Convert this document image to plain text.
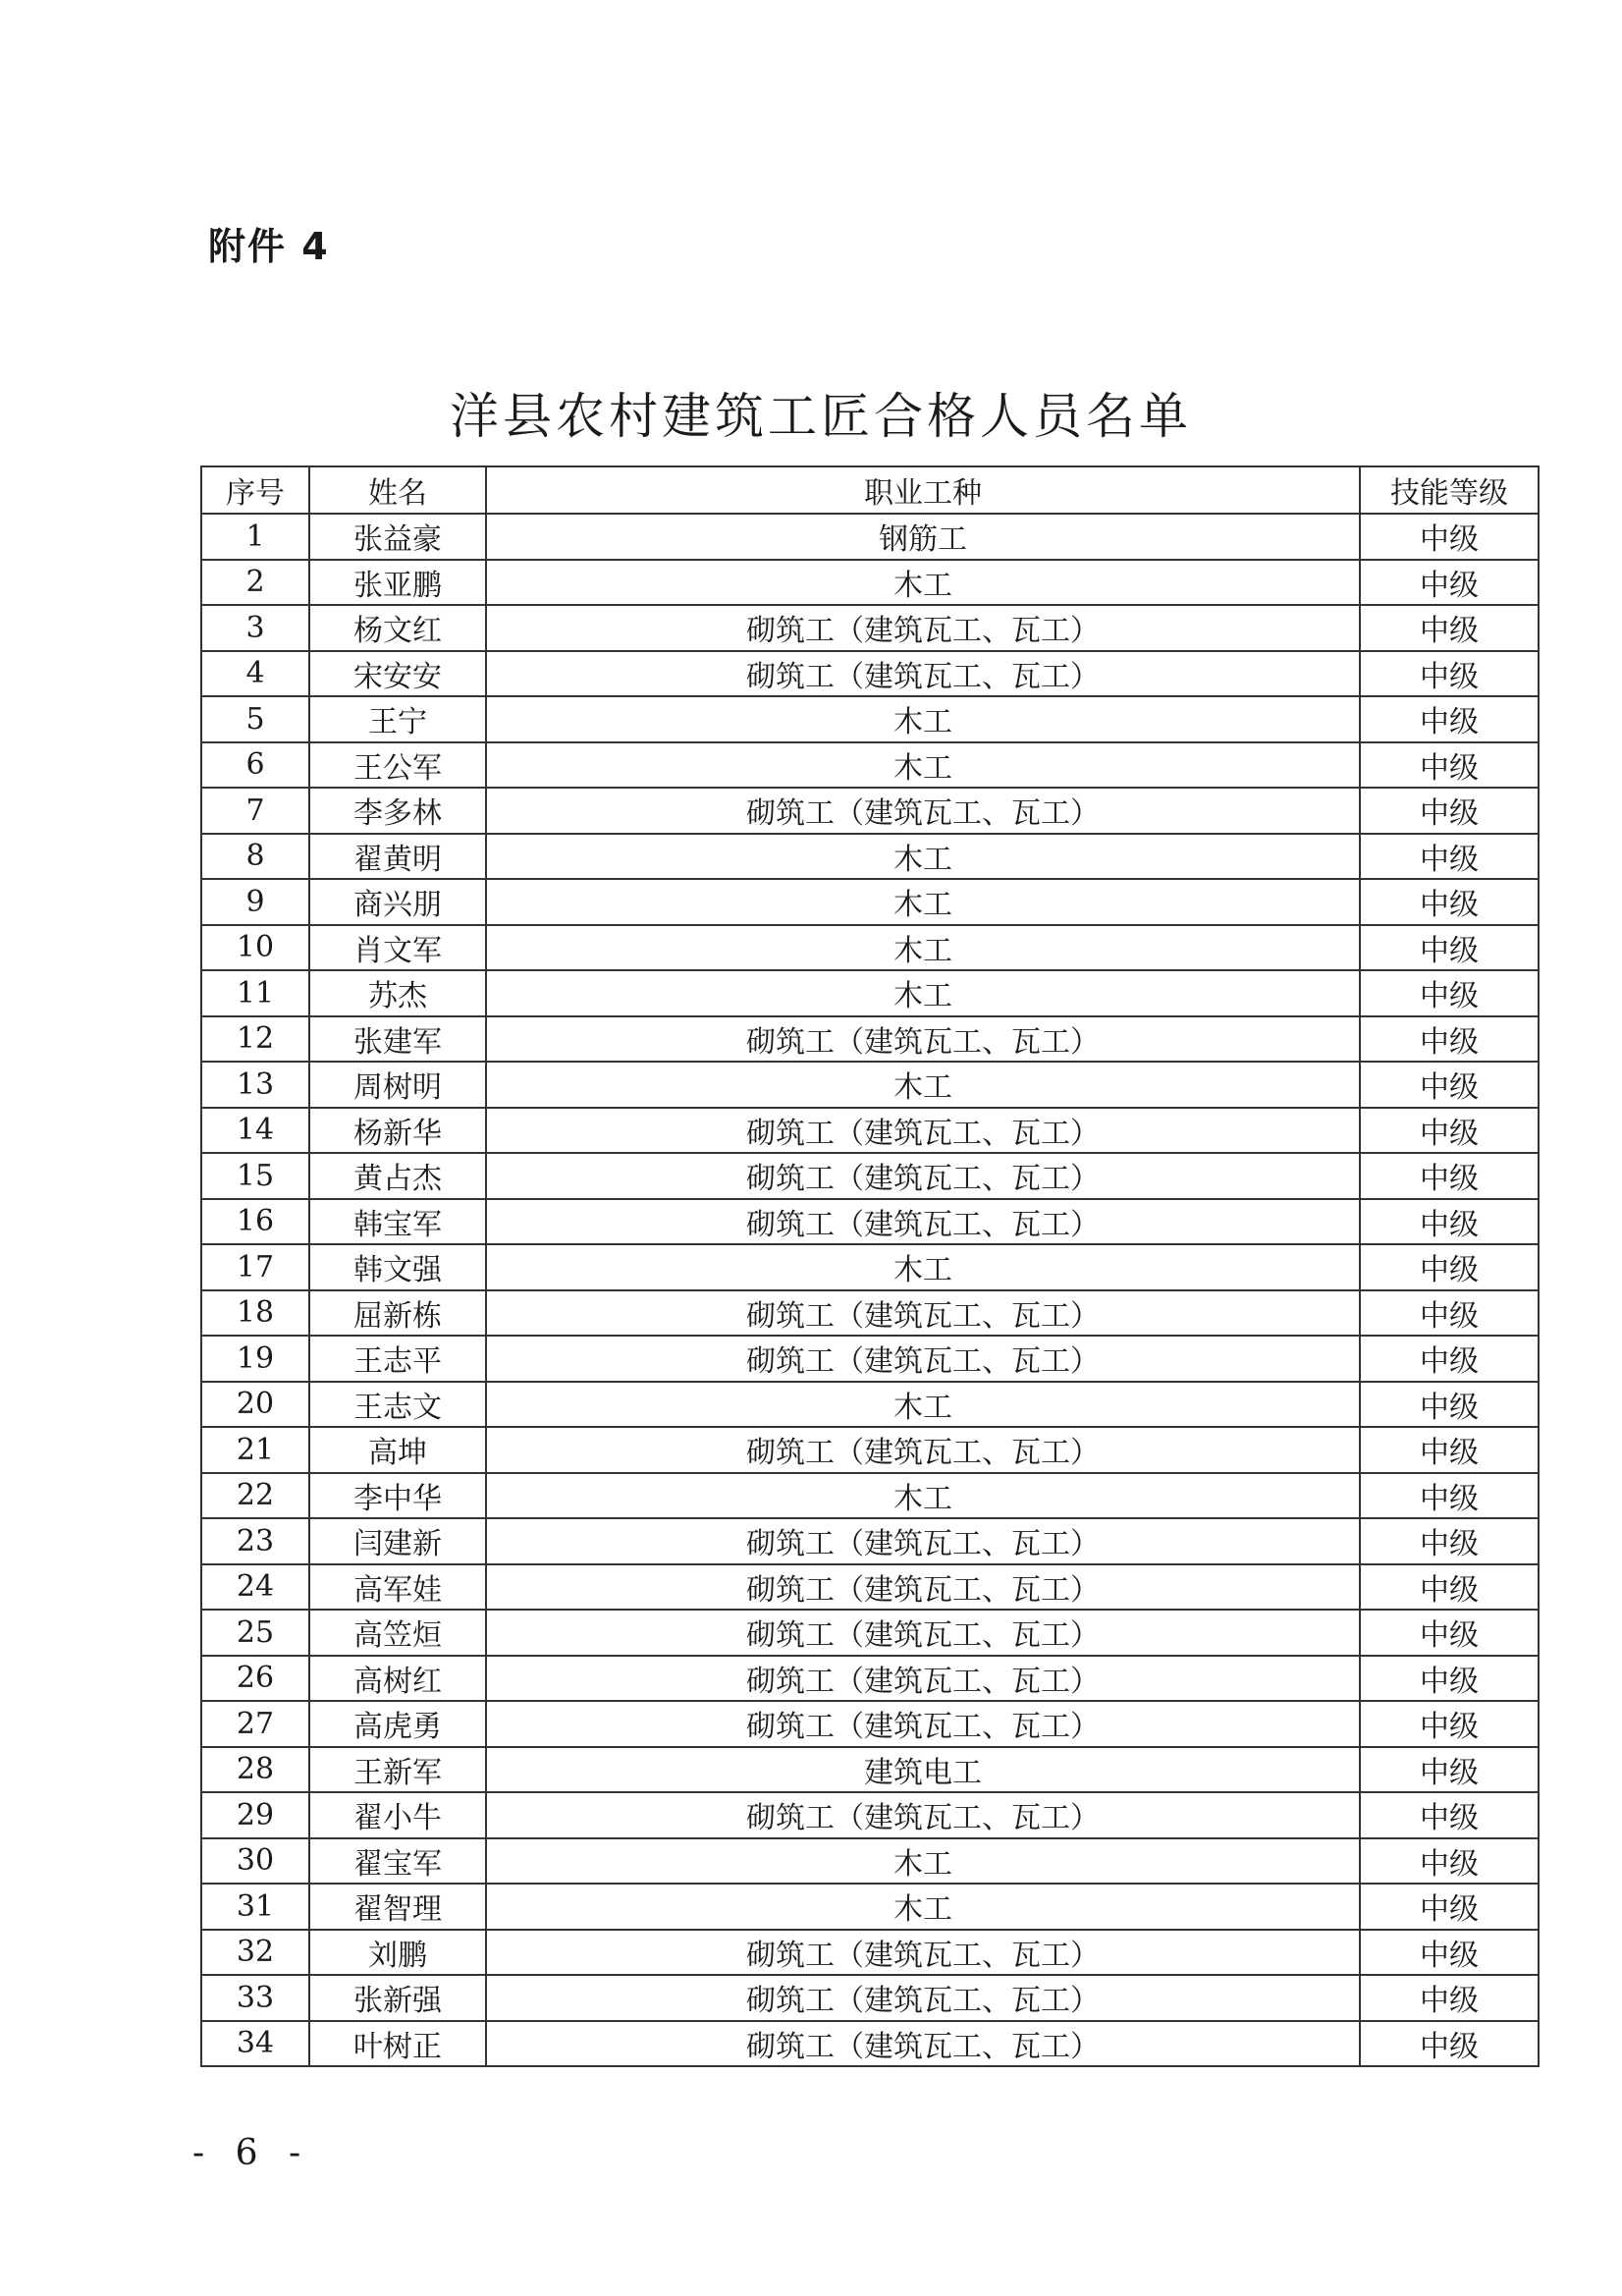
附件 4
洋县农村建筑工匠合格人员名单
序号	姓名	职业工种	技能等级
1	张益豪	钢筋工	中级
2	张亚鹏	木工	中级
3	杨文红	砌筑工（建筑瓦工、瓦工）	中级
4	宋安安	砌筑工（建筑瓦工、瓦工）	中级
5	王宁	木工	中级
6	王公军	木工	中级
7	李多林	砌筑工（建筑瓦工、瓦工）	中级
8	翟黄明	木工	中级
9	商兴朋	木工	中级
10	肖文军	木工	中级
11	苏杰	木工	中级
12	张建军	砌筑工（建筑瓦工、瓦工）	中级
13	周树明	木工	中级
14	杨新华	砌筑工（建筑瓦工、瓦工）	中级
15	黄占杰	砌筑工（建筑瓦工、瓦工）	中级
16	韩宝军	砌筑工（建筑瓦工、瓦工）	中级
17	韩文强	木工	中级
18	屈新栋	砌筑工（建筑瓦工、瓦工）	中级
19	王志平	砌筑工（建筑瓦工、瓦工）	中级
20	王志文	木工	中级
21	高坤	砌筑工（建筑瓦工、瓦工）	中级
22	李中华	木工	中级
23	闫建新	砌筑工（建筑瓦工、瓦工）	中级
24	高军娃	砌筑工（建筑瓦工、瓦工）	中级
25	高笠烜	砌筑工（建筑瓦工、瓦工）	中级
26	高树红	砌筑工（建筑瓦工、瓦工）	中级
27	高虎勇	砌筑工（建筑瓦工、瓦工）	中级
28	王新军	建筑电工	中级
29	翟小牛	砌筑工（建筑瓦工、瓦工）	中级
30	翟宝军	木工	中级
31	翟智理	木工	中级
32	刘鹏	砌筑工（建筑瓦工、瓦工）	中级
33	张新强	砌筑工（建筑瓦工、瓦工）	中级
34	叶树正	砌筑工（建筑瓦工、瓦工）	中级
- 6 -
